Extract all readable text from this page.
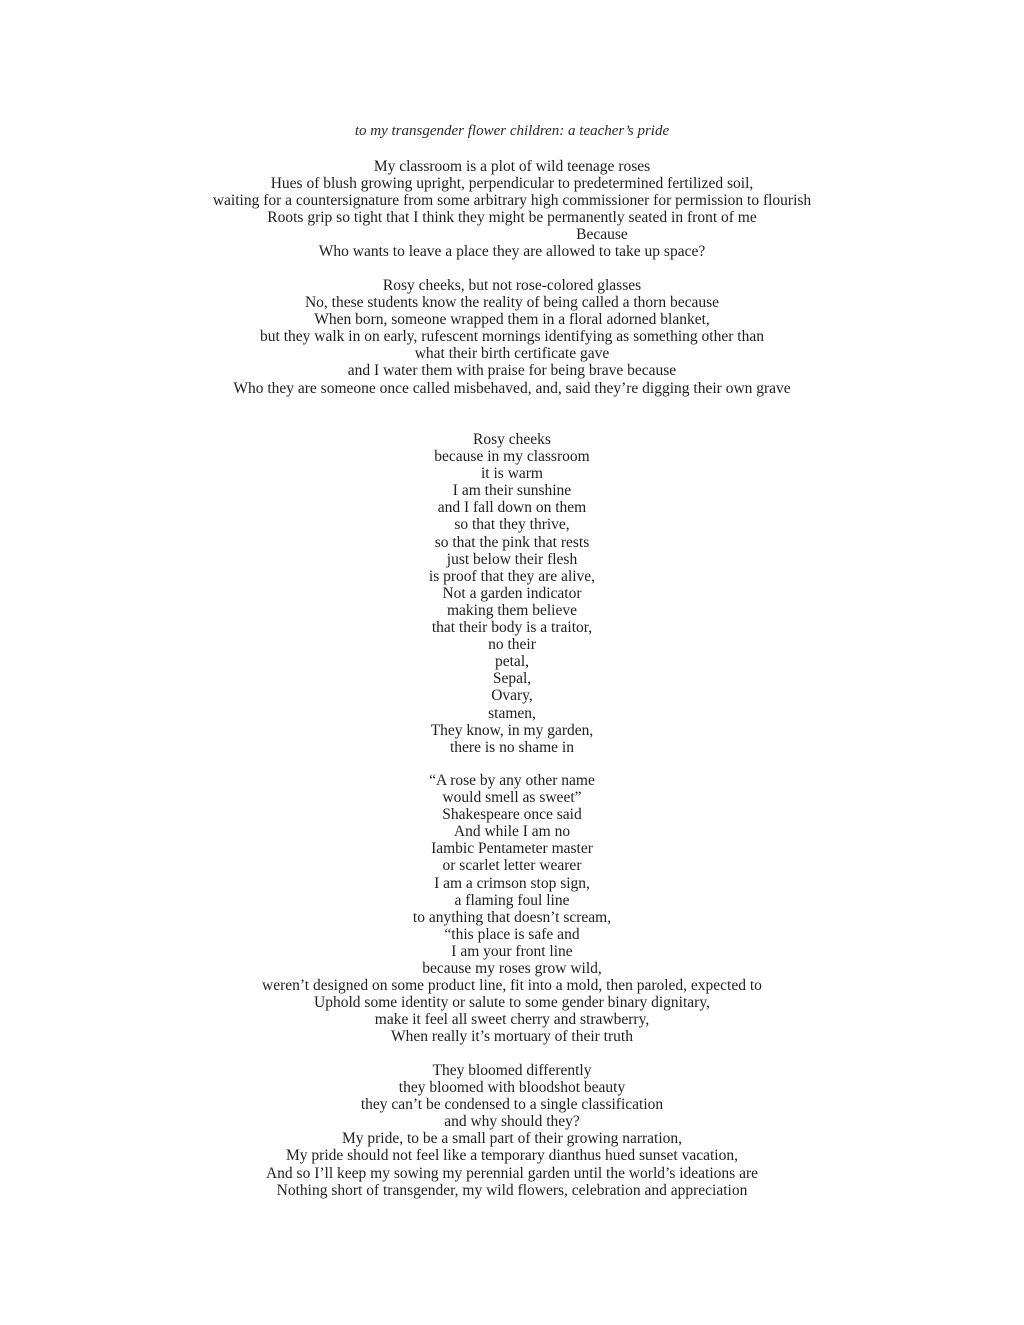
to my transgender flower children: a teacher’s pride
My classroom is a plot of wild teenage roses
Hues of blush growing upright, perpendicular to predetermined fertilized soil,
waiting for a countersignature from some arbitrary high commissioner for permission to flourish
Roots grip so tight that I think they might be permanently seated in front of me
Because
Who wants to leave a place they are allowed to take up space?
Rosy cheeks, but not rose-colored glasses
No, these students know the reality of being called a thorn because
When born, someone wrapped them in a floral adorned blanket,
but they walk in on early, rufescent mornings identifying as something other than
what their birth certificate gave
and I water them with praise for being brave because
Who they are someone once called misbehaved, and, said they’re digging their own grave
Rosy cheeks
because in my classroom
it is warm
I am their sunshine
and I fall down on them
so that they thrive,
so that the pink that rests
just below their flesh
is proof that they are alive,
Not a garden indicator
making them believe
that their body is a traitor,
no their
petal,
Sepal,
Ovary,
stamen,
They know, in my garden,
there is no shame in
“A rose by any other name
would smell as sweet”
Shakespeare once said
And while I am no
Iambic Pentameter master
or scarlet letter wearer
I am a crimson stop sign,
a flaming foul line
to anything that doesn’t scream,
“this place is safe and
I am your front line
because my roses grow wild,
weren’t designed on some product line, fit into a mold, then paroled, expected to
Uphold some identity or salute to some gender binary dignitary,
make it feel all sweet cherry and strawberry,
When really it’s mortuary of their truth
They bloomed differently
they bloomed with bloodshot beauty
they can’t be condensed to a single classification
and why should they?
My pride, to be a small part of their growing narration,
My pride should not feel like a temporary dianthus hued sunset vacation,
And so I’ll keep my sowing my perennial garden until the world’s ideations are
Nothing short of transgender, my wild flowers, celebration and appreciation
